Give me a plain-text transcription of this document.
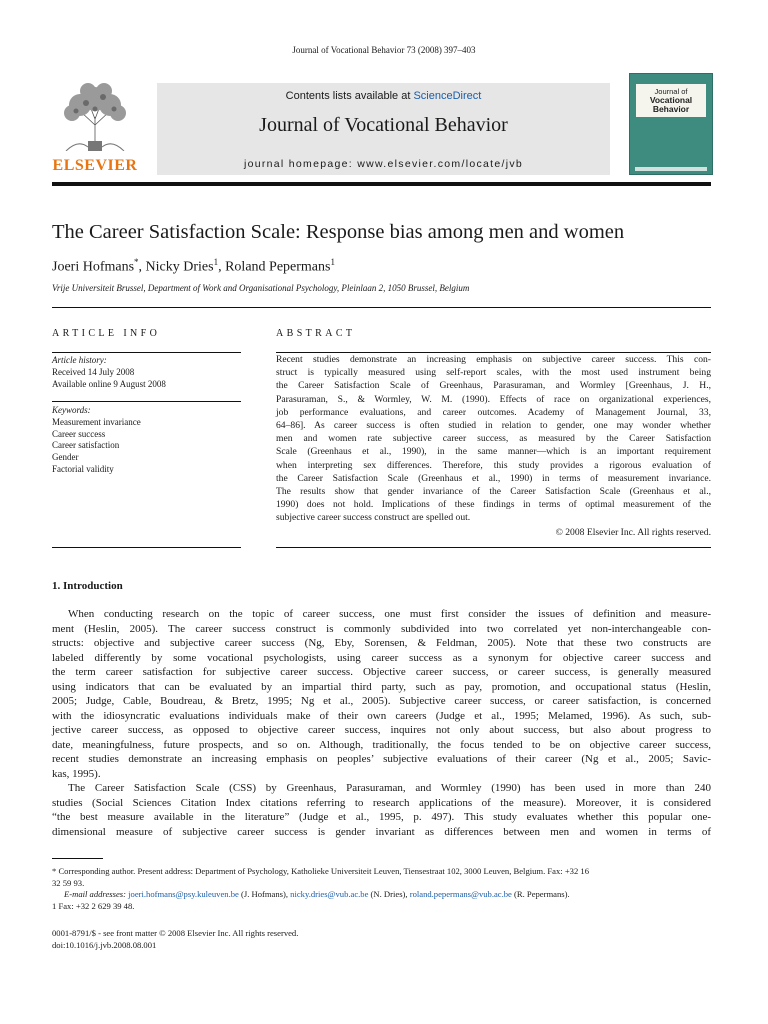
Journal of Vocational Behavior 73 (2008) 397–403
ELSEVIER
Contents lists available at ScienceDirect
Journal of Vocational Behavior
journal homepage: www.elsevier.com/locate/jvb
Journal of
Vocational Behavior
The Career Satisfaction Scale: Response bias among men and women
Joeri Hofmans*, Nicky Dries$^1$, Roland Pepermans$^1$
Vrije Universiteit Brussel, Department of Work and Organisational Psychology, Pleinlaan 2, 1050 Brussel, Belgium
ARTICLE INFO	ABSTRACT
Article history:
Received 14 July 2008
Available online 9 August 2008
Keywords:
Measurement invariance
Career success
Career satisfaction
Gender
Factorial validity
Recent studies demonstrate an increasing emphasis on subjective career success. This con-
struct is typically measured using self-report scales, with the most used instrument being
the Career Satisfaction Scale of Greenhaus, Parasuraman, and Wormley [Greenhaus, J. H.,
Parasuraman, S., & Wormley, W. M. (1990). Effects of race on organizational experiences,
job performance evaluations, and career outcomes. Academy of Management Journal, 33,
64–86]. As career success is often studied in relation to gender, one may wonder whether
men and women rate subjective career success, as measured by the Career Satisfaction
Scale (Greenhaus et al., 1990), in the same manner—which is an important requirement
when interpreting sex differences. Therefore, this study provides a rigorous evaluation of
the Career Satisfaction Scale (Greenhaus et al., 1990) in terms of measurement invariance.
The results show that gender invariance of the Career Satisfaction Scale (Greenhaus et al.,
1990) does not hold. Implications of these findings in terms of optimal measurement of the
subjective career success construct are spelled out.
© 2008 Elsevier Inc. All rights reserved.
1. Introduction
When conducting research on the topic of career success, one must first consider the issues of definition and measure-
ment (Heslin, 2005). The career success construct is commonly subdivided into two correlated yet non-interchangeable con-
structs: objective and subjective career success (Ng, Eby, Sorensen, & Feldman, 2005). Note that these two constructs are
labeled differently by some vocational psychologists, using career success as a synonym for objective career success and
the term career satisfaction for subjective career success. Objective career success, or career success, is generally measured
using indicators that can be evaluated by an impartial third party, such as pay, promotion, and occupational status (Heslin,
2005; Judge, Cable, Boudreau, & Bretz, 1995; Ng et al., 2005). Subjective career success, or career satisfaction, is concerned
with the idiosyncratic evaluations individuals make of their own careers (Judge et al., 1995; Melamed, 1996). As such, sub-
jective career success, as opposed to objective career success, inquires not only about success, but also about progress to
date, meaningfulness, future prospects, and so on. Although, traditionally, the focus tended to be on objective career success,
recent studies demonstrate an increasing emphasis on peoples’ subjective evaluations of their career (Ng et al., 2005; Savic-
kas, 1995).
The Career Satisfaction Scale (CSS) by Greenhaus, Parasuraman, and Wormley (1990) has been used in more than 240
studies (Social Sciences Citation Index citations referring to research applications of the measure). Moreover, it is considered
“the best measure available in the literature” (Judge et al., 1995, p. 497). This study evaluates whether this popular one-
dimensional measure of subjective career success is gender invariant as differences between men and women in terms of
* Corresponding author. Present address: Department of Psychology, Katholieke Universiteit Leuven, Tiensestraat 102, 3000 Leuven, Belgium. Fax: +32 16
32 59 93.
E-mail addresses: joeri.hofmans@psy.kuleuven.be (J. Hofmans), nicky.dries@vub.ac.be (N. Dries), roland.pepermans@vub.ac.be (R. Pepermans).
1 Fax: +32 2 629 39 48.
0001-8791/$ - see front matter © 2008 Elsevier Inc. All rights reserved.
doi:10.1016/j.jvb.2008.08.001
